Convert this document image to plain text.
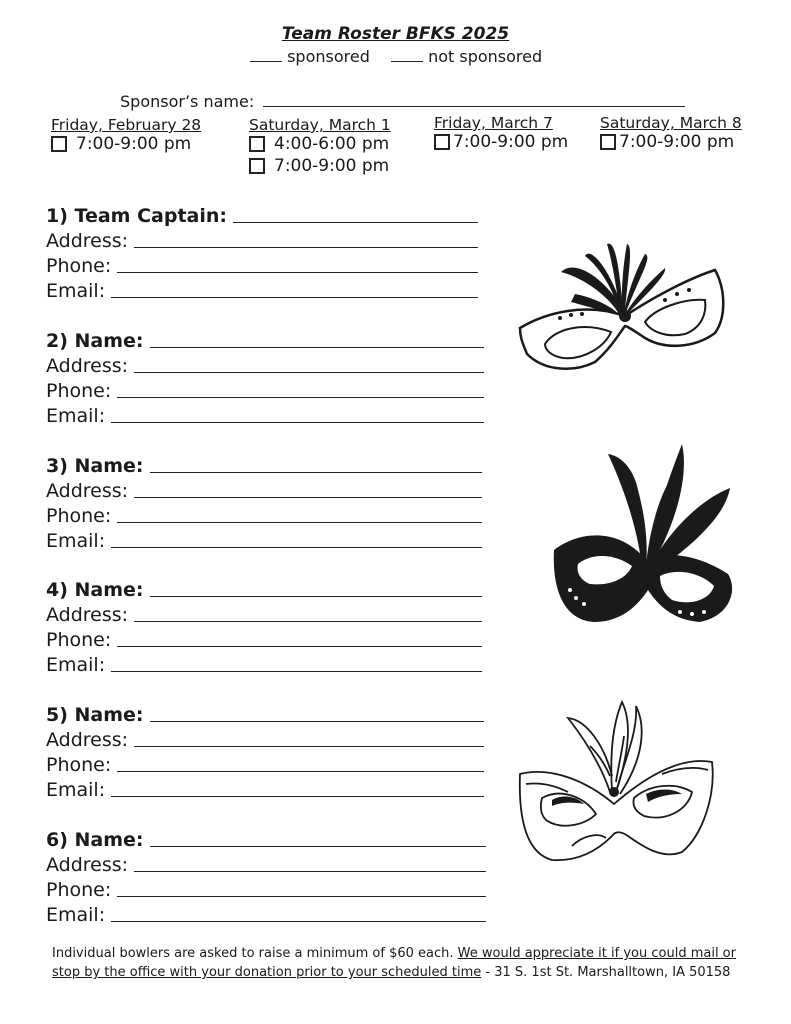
Team Roster BFKS 2025
sponsored	not sponsored
Sponsor’s name:
Friday, February 28
7:00-9:00 pm
Saturday, March 1
4:00-6:00 pm
7:00-9:00 pm
Friday, March 7
7:00-9:00 pm
Saturday, March 8
7:00-9:00 pm
1) Team Captain:
Address:
Phone:
Email:
2) Name:
Address:
Phone:
Email:
3) Name:
Address:
Phone:
Email:
4) Name:
Address:
Phone:
Email:
5) Name:
Address:
Phone:
Email:
6) Name:
Address:
Phone:
Email:
Individual bowlers are asked to raise a minimum of $60 each. We would appreciate it if you could mail or stop by the office with your donation prior to your scheduled time - 31 S. 1st St. Marshalltown, IA 50158
